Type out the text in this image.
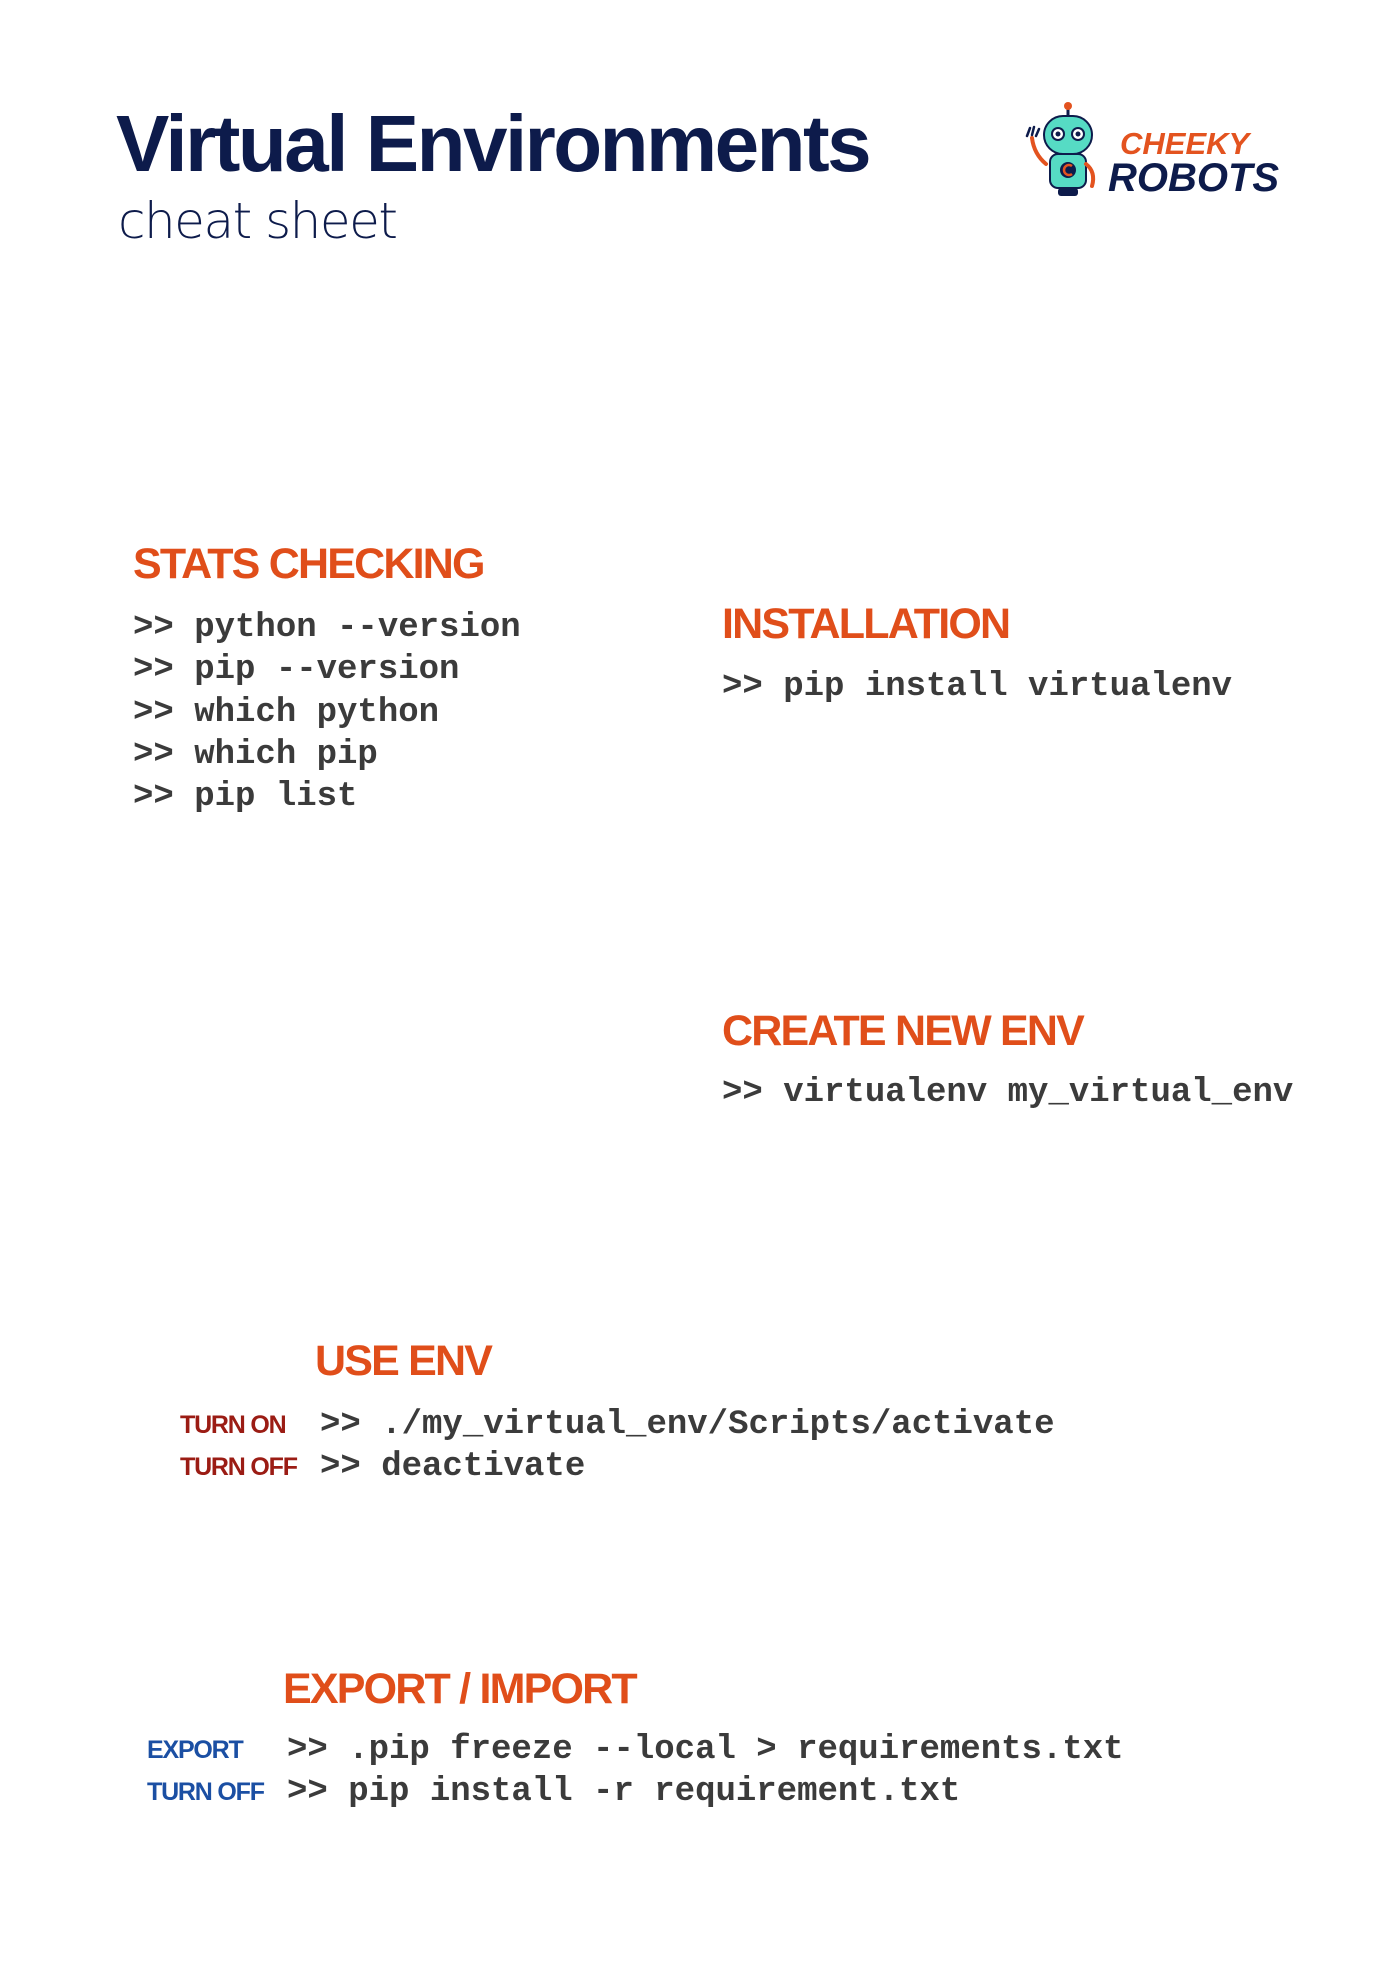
Virtual Environments
cheat sheet
CHEEKY
ROBOTS
STATS CHECKING
>> python --version
>> pip --version
>> which python
>> which pip
>> pip list
INSTALLATION
>> pip install virtualenv
CREATE NEW ENV
>> virtualenv my_virtual_env
USE ENV
TURN ON >> ./my_virtual_env/Scripts/activate
TURN OFF >> deactivate
EXPORT / IMPORT
EXPORT >> .pip freeze --local > requirements.txt
TURN OFF >> pip install -r requirement.txt
